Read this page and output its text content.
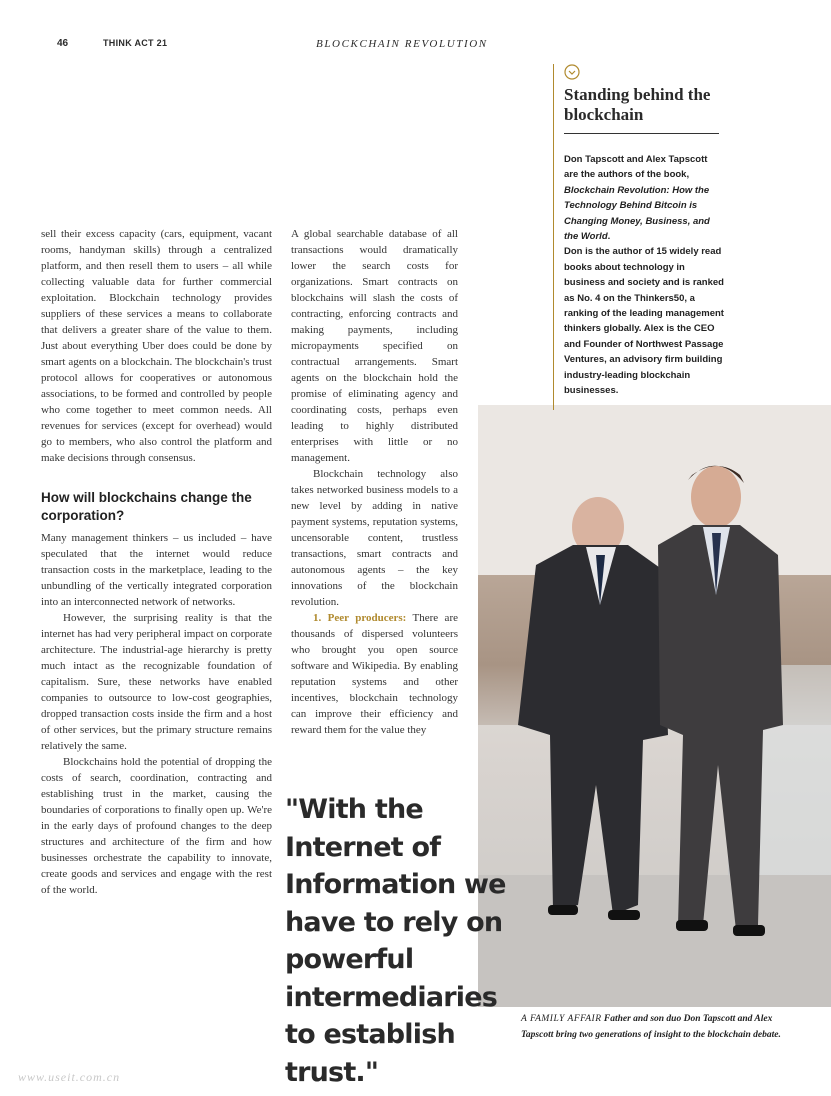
46	THINK ACT 21	BLOCKCHAIN REVOLUTION
Standing behind the blockchain

Don Tapscott and Alex Tapscott are the authors of the book, Blockchain Revolution: How the Technology Behind Bitcoin is Changing Money, Business, and the World.

Don is the author of 15 widely read books about technology in business and society and is ranked as No. 4 on the Thinkers50, a ranking of the leading management thinkers globally. Alex is the CEO and Founder of Northwest Passage Ventures, an advisory firm building industry-leading blockchain businesses.

sell their excess capacity (cars, equipment, vacant rooms, handyman skills) through a centralized platform, and then resell them to users – all while collecting valuable data for further commercial exploitation. Blockchain technology provides suppliers of these services a means to collaborate that delivers a greater share of the value to them. Just about everything Uber does could be done by smart agents on a blockchain. The blockchain's trust protocol allows for cooperatives or autonomous associations, to be formed and controlled by people who come together to meet common needs. All revenues for services (except for overhead) would go to members, who also control the platform and make decisions through consensus.

How will blockchains change the corporation?

Many management thinkers – us included – have speculated that the internet would reduce transaction costs in the marketplace, leading to the unbundling of the vertically integrated corporation into an interconnected network of networks.

However, the surprising reality is that the internet has had very peripheral impact on corporate architecture. The industrial-age hierarchy is pretty much intact as the recognizable foundation of capitalism. Sure, these networks have enabled companies to outsource to low-cost geographies, dropped transaction costs inside the firm and a host of other services, but the primary structure remains relatively the same.

Blockchains hold the potential of dropping the costs of search, coordination, contracting and establishing trust in the market, causing the boundaries of corporations to finally open up. We're in the early days of profound changes to the deep structures and architecture of the firm and how businesses orchestrate the capability to innovate, create goods and services and engage with the rest of the world.

A global searchable database of all transactions would dramatically lower the search costs for organizations. Smart contracts on blockchains will slash the costs of contracting, enforcing contracts and making payments, including micropayments specified on contractual arrangements. Smart agents on the blockchain hold the promise of eliminating agency and coordinating costs, perhaps even leading to highly distributed enterprises with little or no management.

Blockchain technology also takes networked business models to a new level by adding in native payment systems, reputation systems, uncensorable content, trustless transactions, smart contracts and autonomous agents – the key innovations of the blockchain revolution.

1. Peer producers: There are thousands of dispersed volunteers who brought you open source software and Wikipedia. By enabling reputation systems and other incentives, blockchain technology can improve their efficiency and reward them for the value they

"With the Internet of Information we have to rely on powerful intermediaries to establish trust."

A FAMILY AFFAIR Father and son duo Don Tapscott and Alex Tapscott bring two generations of insight to the blockchain debate.
www.useit.com.cn
